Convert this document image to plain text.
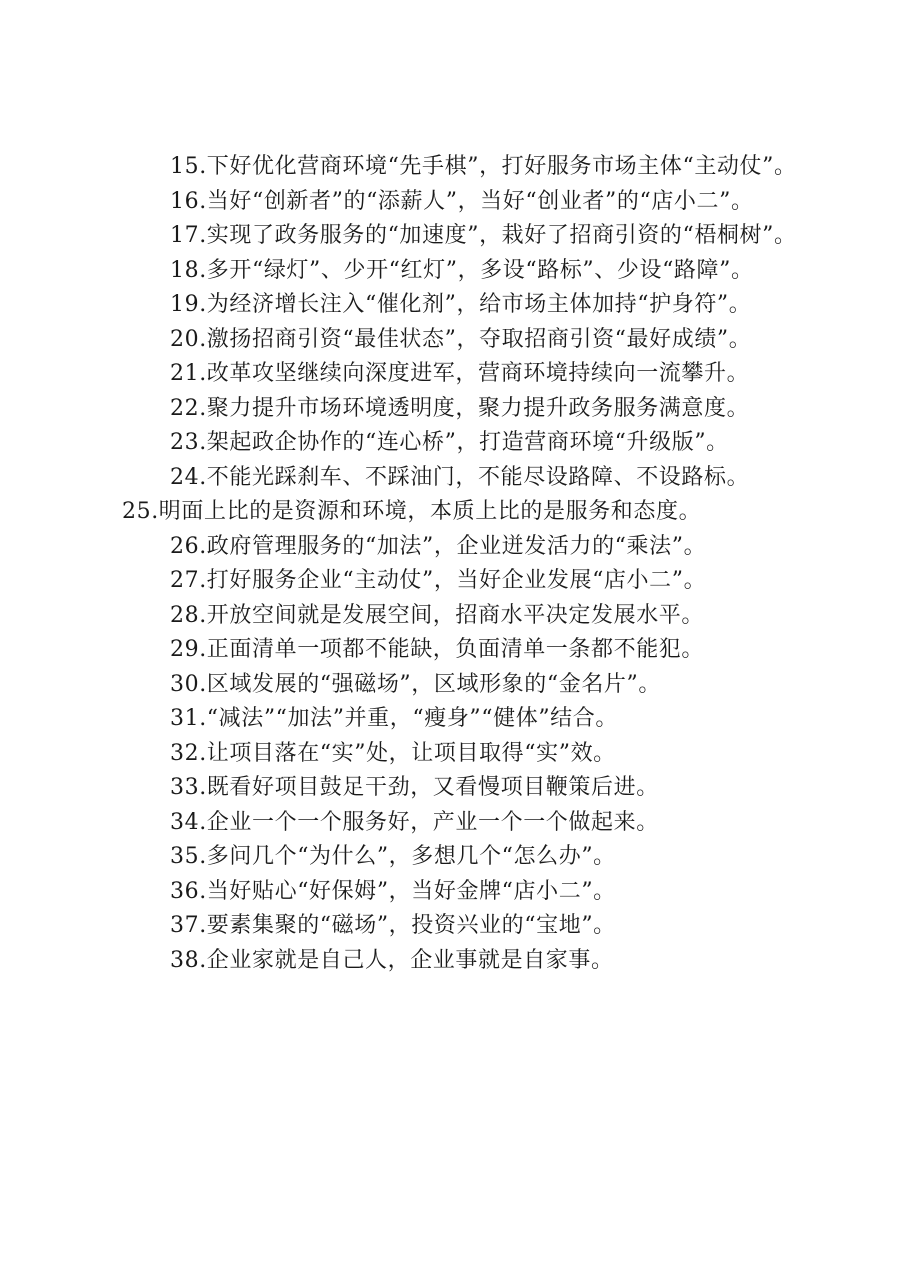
15.下好优化营商环境“先手棋”，打好服务市场主体“主动仗”。

16.当好“创新者”的“添薪人”，当好“创业者”的“店小二”。

17.实现了政务服务的“加速度”，栽好了招商引资的“梧桐树”。

18.多开“绿灯”、少开“红灯”，多设“路标”、少设“路障”。

19.为经济增长注入“催化剂”，给市场主体加持“护身符”。

20.激扬招商引资“最佳状态”，夺取招商引资“最好成绩”。

21.改革攻坚继续向深度进军，营商环境持续向一流攀升。

22.聚力提升市场环境透明度，聚力提升政务服务满意度。

23.架起政企协作的“连心桥”，打造营商环境“升级版”。

24.不能光踩刹车、不踩油门，不能尽设路障、不设路标。

25.明面上比的是资源和环境，本质上比的是服务和态度。

26.政府管理服务的“加法”，企业迸发活力的“乘法”。

27.打好服务企业“主动仗”，当好企业发展“店小二”。

28.开放空间就是发展空间，招商水平决定发展水平。

29.正面清单一项都不能缺，负面清单一条都不能犯。

30.区域发展的“强磁场”，区域形象的“金名片”。

31.“减法”“加法”并重，“瘦身”“健体”结合。

32.让项目落在“实”处，让项目取得“实”效。

33.既看好项目鼓足干劲，又看慢项目鞭策后进。

34.企业一个一个服务好，产业一个一个做起来。

35.多问几个“为什么”，多想几个“怎么办”。

36.当好贴心“好保姆”，当好金牌“店小二”。

37.要素集聚的“磁场”，投资兴业的“宝地”。

38.企业家就是自己人，企业事就是自家事。
